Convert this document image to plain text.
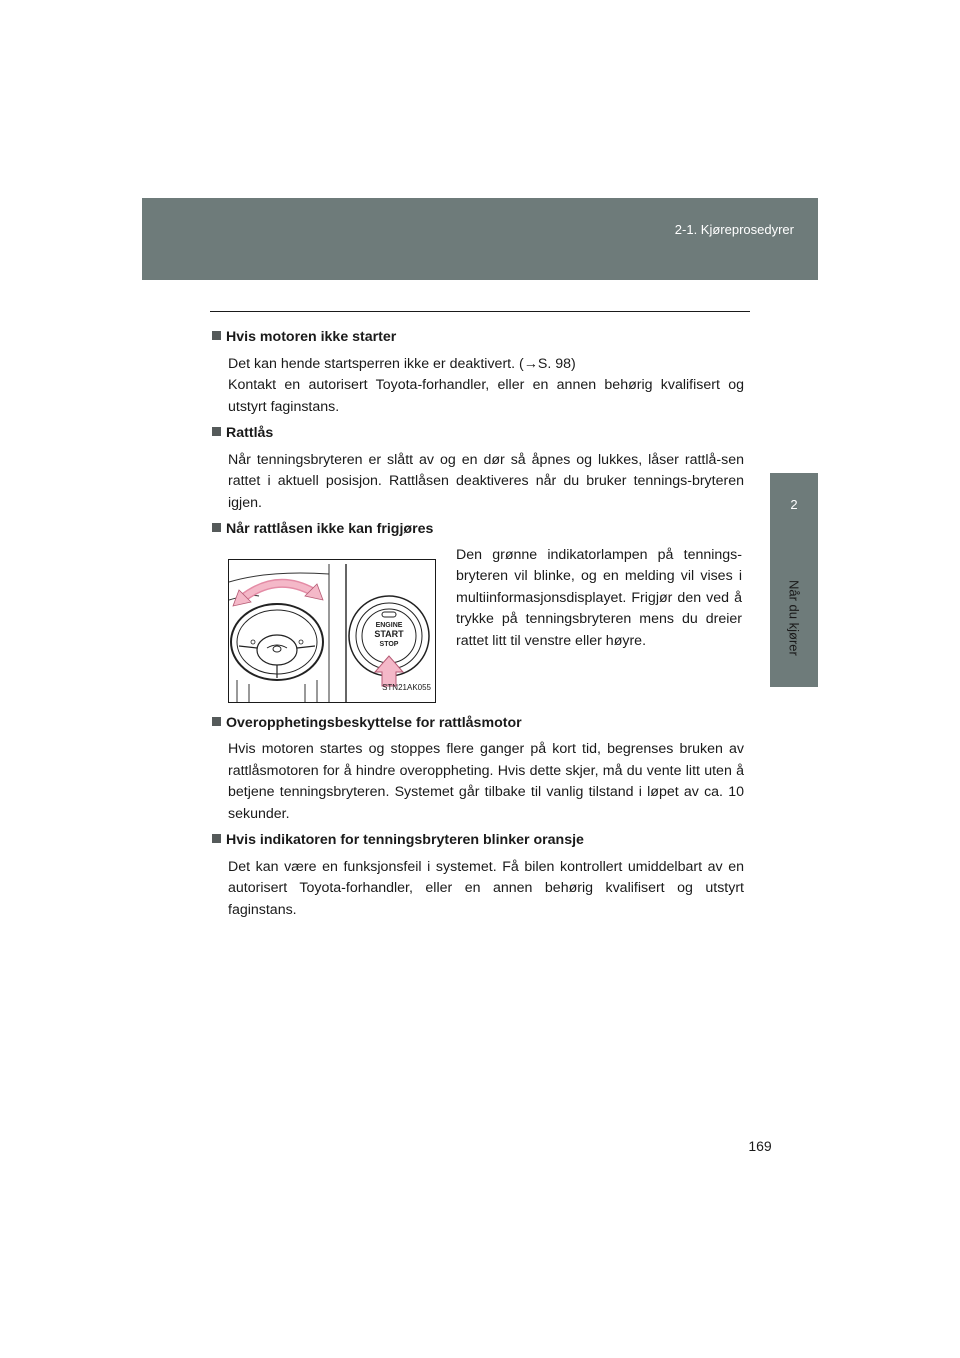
2-1. Kjøreprosedyrer
2
Når du kjører
Hvis motoren ikke starter

Det kan hende startsperren ikke er deaktivert. (→S. 98)

Kontakt en autorisert Toyota-forhandler, eller en annen behørig kvalifisert og utstyrt faginstans.

Rattlås

Når tenningsbryteren er slått av og en dør så åpnes og lukkes, låser rattlå-sen rattet i aktuell posisjon. Rattlåsen deaktiveres når du bruker tennings-bryteren igjen.

Når rattlåsen ikke kan frigjøres
ENGINE
START
STOP
STN21AK055

Den grønne indikatorlampen på tennings-bryteren vil blinke, og en melding vil vises i multiinformasjonsdisplayet. Frigjør den ved å trykke på tenningsbryteren mens du dreier rattet litt til venstre eller høyre.

Overopphetingsbeskyttelse for rattlåsmotor

Hvis motoren startes og stoppes flere ganger på kort tid, begrenses bruken av rattlåsmotoren for å hindre overoppheting. Hvis dette skjer, må du vente litt uten å betjene tenningsbryteren. Systemet går tilbake til vanlig tilstand i løpet av ca. 10 sekunder.

Hvis indikatoren for tenningsbryteren blinker oransje

Det kan være en funksjonsfeil i systemet. Få bilen kontrollert umiddelbart av en autorisert Toyota-forhandler, eller en annen behørig kvalifisert og utstyrt faginstans.

169
